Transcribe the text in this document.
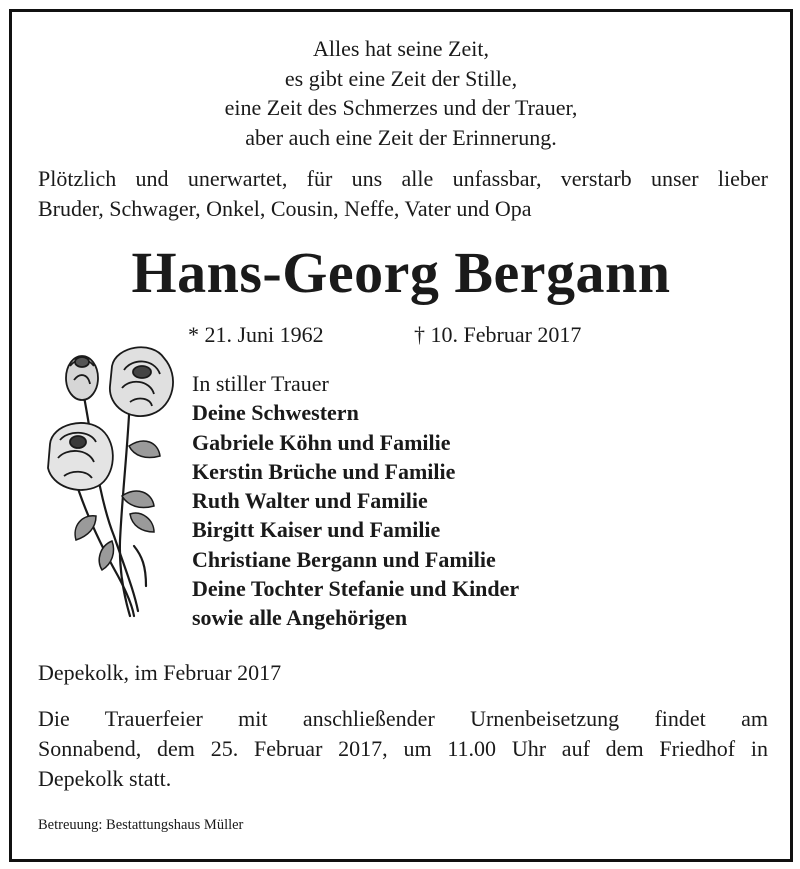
Alles hat seine Zeit,
es gibt eine Zeit der Stille,
eine Zeit des Schmerzes und der Trauer,
aber auch eine Zeit der Erinnerung.
Plötzlich und unerwartet, für uns alle unfassbar, verstarb unser lieber
Bruder, Schwager, Onkel, Cousin, Neffe, Vater und Opa
Hans-Georg Bergann
* 21. Juni 1962	† 10. Februar 2017
In stiller Trauer
Deine Schwestern
Gabriele Köhn und Familie
Kerstin Brüche und Familie
Ruth Walter und Familie
Birgitt Kaiser und Familie
Christiane Bergann und Familie
Deine Tochter Stefanie und Kinder
sowie alle Angehörigen
Depekolk, im Februar 2017
Die Trauerfeier mit anschließender Urnenbeisetzung findet am
Sonnabend, dem 25. Februar 2017, um 11.00 Uhr auf dem Friedhof in
Depekolk statt.
Betreuung: Bestattungshaus Müller
